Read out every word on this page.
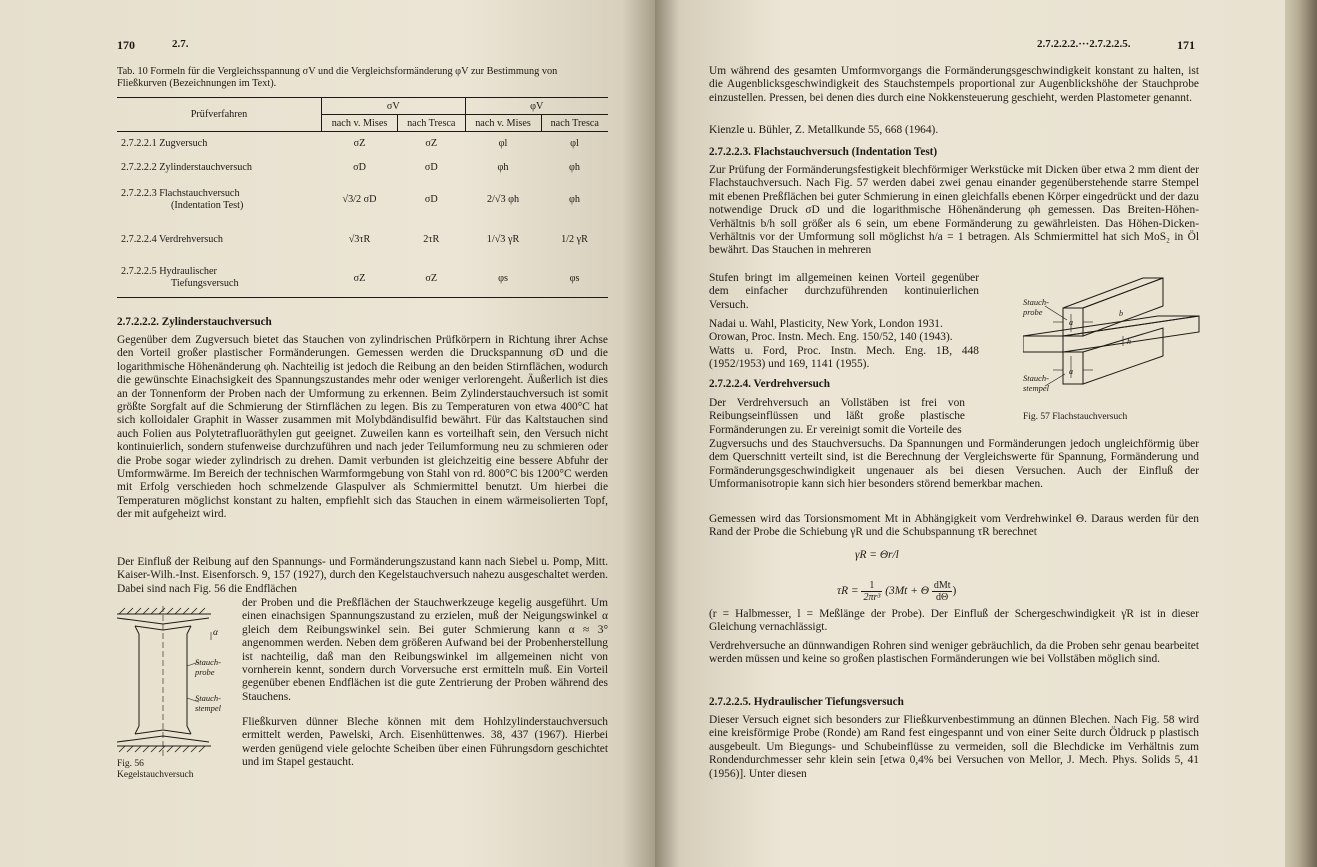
170	2.7.
Tab. 10 Formeln für die Vergleichsspannung σV und die Vergleichsformänderung φV zur Bestimmung von Fließkurven (Bezeichnungen im Text).
Prüfverfahren	σV		φV	
	nach v. Mises	nach Tresca	nach v. Mises	nach Tresca
2.7.2.2.1 Zugversuch	σZ	σZ	φl	φl
2.7.2.2.2 Zylinderstauchversuch	σD	σD	φh	φh
2.7.2.2.3 Flachstauchversuch
(Indentation Test)	√3/2 σD	σD	2/√3 φh	φh
2.7.2.2.4 Verdrehversuch	√3τR	2τR	1/√3 γR	1/2 γR
2.7.2.2.5 Hydraulischer
Tiefungsversuch	σZ	σZ	φs	φs
2.7.2.2.2. Zylinderstauchversuch

Gegenüber dem Zugversuch bietet das Stauchen von zylindrischen Prüfkörpern in Richtung ihrer Achse den Vorteil großer plastischer Formänderungen. Gemessen werden die Druckspannung σD und die logarithmische Höhenänderung φh. Nachteilig ist jedoch die Reibung an den beiden Stirnflächen, wodurch die gewünschte Einachsigkeit des Spannungszustandes mehr oder weniger verlorengeht. Äußerlich ist dies an der Tonnenform der Proben nach der Umformung zu erkennen. Beim Zylinderstauchversuch ist somit größte Sorgfalt auf die Schmierung der Stirnflächen zu legen. Bis zu Temperaturen von etwa 400°C hat sich kolloidaler Graphit in Wasser zusammen mit Molybdändisulfid bewährt. Für das Kaltstauchen sind auch Folien aus Polytetrafluoräthylen gut geeignet. Zuweilen kann es vorteilhaft sein, den Versuch nicht kontinuierlich, sondern stufenweise durchzuführen und nach jeder Teilumformung neu zu schmieren oder die Probe sogar wieder zylindrisch zu drehen. Damit verbunden ist gleichzeitig eine bessere Abfuhr der Umformwärme. Im Bereich der technischen Warmformgebung von Stahl von rd. 800°C bis 1200°C werden mit Erfolg verschieden hoch schmelzende Glaspulver als Schmiermittel benutzt. Um hierbei die Temperaturen möglichst konstant zu halten, empfiehlt sich das Stauchen in einem wärmeisolierten Topf, der mit aufgeheizt wird.

Der Einfluß der Reibung auf den Spannungs- und Formänderungszustand kann nach Siebel u. Pomp, Mitt. Kaiser-Wilh.-Inst. Eisenforsch. 9, 157 (1927), durch den Kegelstauchversuch nahezu ausgeschaltet werden. Dabei sind nach Fig. 56 die Endflächen

der Proben und die Preßflächen der Stauchwerkzeuge kegelig ausgeführt. Um einen einachsigen Spannungszustand zu erzielen, muß der Neigungswinkel α gleich dem Reibungswinkel sein. Bei guter Schmierung kann α ≈ 3° angenommen werden. Neben dem größeren Aufwand bei der Probenherstellung ist nachteilig, daß man den Reibungswinkel im allgemeinen nicht von vornherein kennt, sondern durch Vorversuche erst ermitteln muß. Ein Vorteil gegenüber ebenen Endflächen ist die gute Zentrierung der Proben während des Stauchens.

Fließkurven dünner Bleche können mit dem Hohlzylinderstauchversuch ermittelt werden, Pawelski, Arch. Eisenhüttenwes. 38, 437 (1967). Hierbei werden genügend viele gelochte Scheiben über einen Führungsdorn geschichtet und im Stapel gestaucht.

α
Stauch-
probe
Stauch-
stempel
Fig. 56
Kegelstauchversuch
2.7.2.2.2.···2.7.2.2.5.	171

Um während des gesamten Umformvorgangs die Formänderungsgeschwindigkeit konstant zu halten, ist die Augenblicksgeschwindigkeit des Stauchstempels proportional zur Augenblickshöhe der Stauchprobe einzustellen. Pressen, bei denen dies durch eine Nokkensteuerung geschieht, werden Plastometer genannt.

Kienzle u. Bühler, Z. Metallkunde 55, 668 (1964).

2.7.2.2.3. Flachstauchversuch (Indentation Test)

Zur Prüfung der Formänderungsfestigkeit blechförmiger Werkstücke mit Dicken über etwa 2 mm dient der Flachstauchversuch. Nach Fig. 57 werden dabei zwei genau einander gegenüberstehende starre Stempel mit ebenen Preßflächen bei guter Schmierung in einen gleichfalls ebenen Körper eingedrückt und der dazu notwendige Druck σD und die logarithmische Höhenänderung φh gemessen. Das Breiten-Höhen-Verhältnis b/h soll größer als 6 sein, um ebene Formänderung zu gewährleisten. Das Höhen-Dicken-Verhältnis vor der Umformung soll möglichst h/a = 1 betragen. Als Schmiermittel hat sich MoS₂ in Öl bewährt. Das Stauchen in mehreren

Stufen bringt im allgemeinen keinen Vorteil gegenüber dem einfacher durchzuführenden kontinuierlichen Versuch.

Nadai u. Wahl, Plasticity, New York, London 1931.
Orowan, Proc. Instn. Mech. Eng. 150/52, 140 (1943).
Watts u. Ford, Proc. Instn. Mech. Eng. 1B, 448 (1952/1953) und 169, 1141 (1955).
2.7.2.2.4. Verdrehversuch

Der Verdrehversuch an Vollstäben ist frei von Reibungseinflüssen und läßt große plastische Formänderungen zu. Er vereinigt somit die Vorteile des

Stauch-
probe
Stauch-
stempel
a
a
b
h
Fig. 57 Flachstauchversuch

Zugversuchs und des Stauchversuchs. Da Spannungen und Formänderungen jedoch ungleichförmig über dem Querschnitt verteilt sind, ist die Berechnung der Vergleichswerte für Spannung, Formänderung und Formänderungsgeschwindigkeit ungenauer als bei diesen Versuchen. Auch der Einfluß der Umformanisotropie kann sich hier besonders störend bemerkbar machen.

Gemessen wird das Torsionsmoment Mt in Abhängigkeit vom Verdrehwinkel Θ. Daraus werden für den Rand der Probe die Schiebung γR und die Schubspannung τR berechnet

γR = Θr/l
$\tau R = \frac{1}{\text{2πr³}} (3Mt + \Theta \frac{\text{dMt}}{d\Theta}$ )

(r = Halbmesser, l = Meßlänge der Probe). Der Einfluß der Schergeschwindigkeit γ̇R ist in dieser Gleichung vernachlässigt.

Verdrehversuche an dünnwandigen Rohren sind weniger gebräuchlich, da die Proben sehr genau bearbeitet werden müssen und keine so großen plastischen Formänderungen wie bei Vollstäben möglich sind.

2.7.2.2.5. Hydraulischer Tiefungsversuch

Dieser Versuch eignet sich besonders zur Fließkurvenbestimmung an dünnen Blechen. Nach Fig. 58 wird eine kreisförmige Probe (Ronde) am Rand fest eingespannt und von einer Seite durch Öldruck p plastisch ausgebeult. Um Biegungs- und Schubeinflüsse zu vermeiden, soll die Blechdicke im Verhältnis zum Rondendurchmesser sehr klein sein [etwa 0,4% bei Versuchen von Mellor, J. Mech. Phys. Solids 5, 41 (1956)]. Unter diesen
